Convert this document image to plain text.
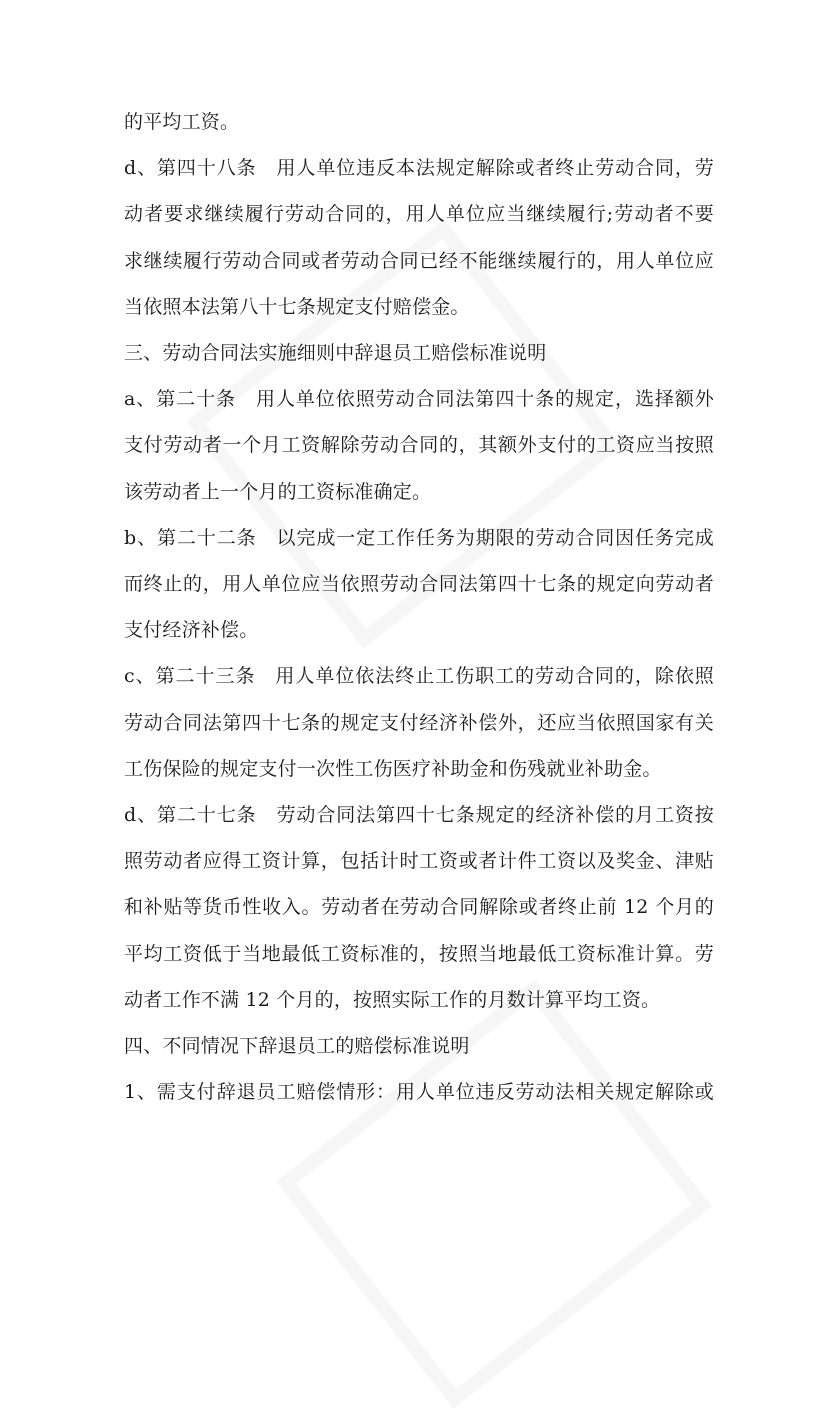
的平均工资。
d、第四十八条　用人单位违反本法规定解除或者终止劳动合同，劳
动者要求继续履行劳动合同的，用人单位应当继续履行;劳动者不要
求继续履行劳动合同或者劳动合同已经不能继续履行的，用人单位应
当依照本法第八十七条规定支付赔偿金。
三、劳动合同法实施细则中辞退员工赔偿标准说明
a、第二十条　用人单位依照劳动合同法第四十条的规定，选择额外
支付劳动者一个月工资解除劳动合同的，其额外支付的工资应当按照
该劳动者上一个月的工资标准确定。
b、第二十二条　以完成一定工作任务为期限的劳动合同因任务完成
而终止的，用人单位应当依照劳动合同法第四十七条的规定向劳动者
支付经济补偿。
c、第二十三条　用人单位依法终止工伤职工的劳动合同的，除依照
劳动合同法第四十七条的规定支付经济补偿外，还应当依照国家有关
工伤保险的规定支付一次性工伤医疗补助金和伤残就业补助金。
d、第二十七条　劳动合同法第四十七条规定的经济补偿的月工资按
照劳动者应得工资计算，包括计时工资或者计件工资以及奖金、津贴
和补贴等货币性收入。劳动者在劳动合同解除或者终止前 12 个月的
平均工资低于当地最低工资标准的，按照当地最低工资标准计算。劳
动者工作不满 12 个月的，按照实际工作的月数计算平均工资。
四、不同情况下辞退员工的赔偿标准说明
1、需支付辞退员工赔偿情形：用人单位违反劳动法相关规定解除或
